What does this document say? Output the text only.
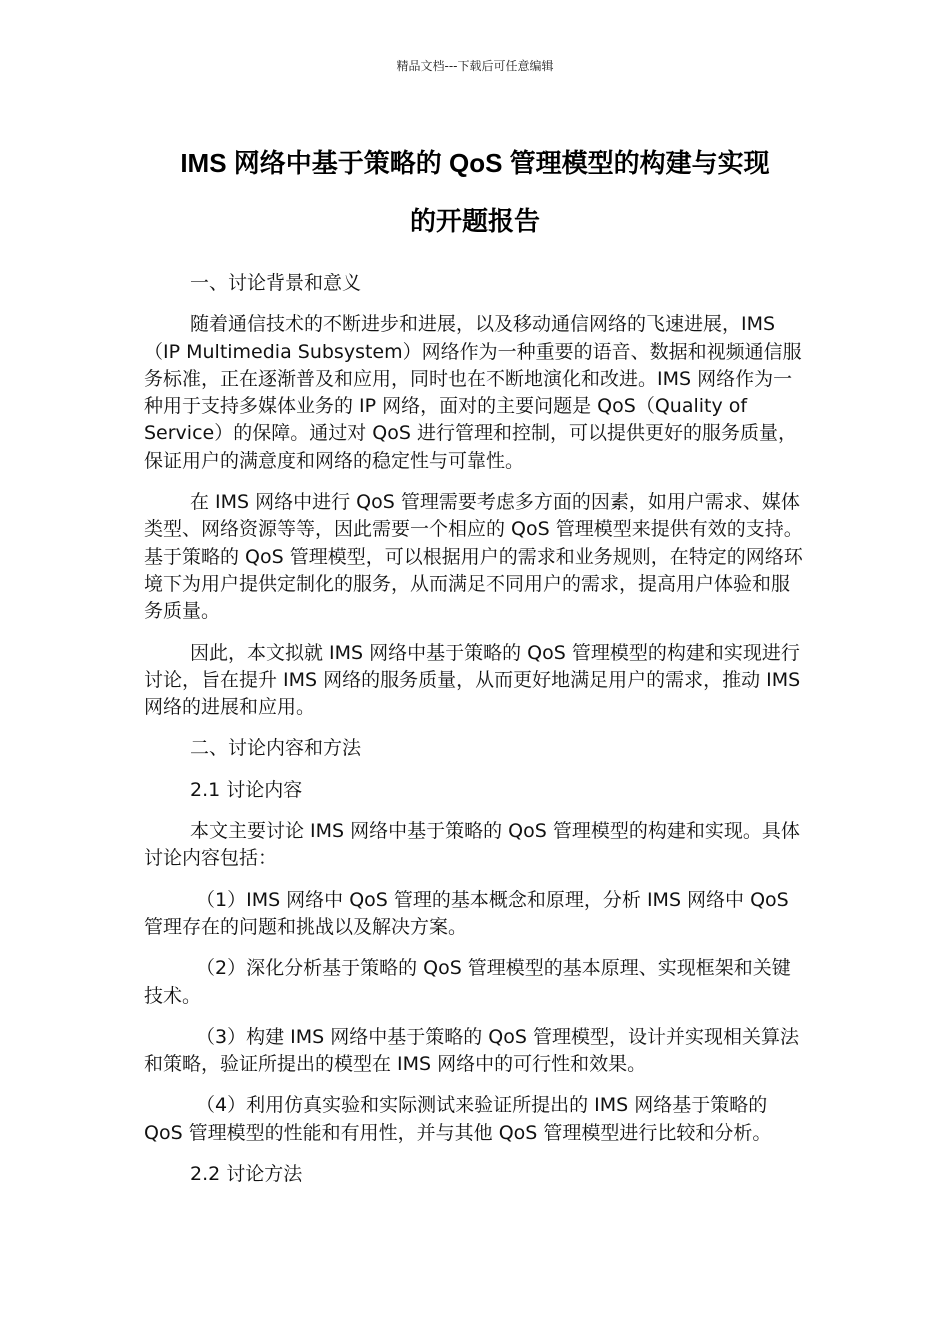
精品文档---下载后可任意编辑
IMS 网络中基于策略的 QoS 管理模型的构建与实现
的开题报告

一、讨论背景和意义

随着通信技术的不断进步和进展，以及移动通信网络的飞速进展，IMS（IP Multimedia Subsystem）网络作为一种重要的语音、数据和视频通信服务标准，正在逐渐普及和应用，同时也在不断地演化和改进。IMS 网络作为一种用于支持多媒体业务的 IP 网络，面对的主要问题是 QoS（Quality of Service）的保障。通过对 QoS 进行管理和控制，可以提供更好的服务质量，保证用户的满意度和网络的稳定性与可靠性。

在 IMS 网络中进行 QoS 管理需要考虑多方面的因素，如用户需求、媒体类型、网络资源等等，因此需要一个相应的 QoS 管理模型来提供有效的支持。基于策略的 QoS 管理模型，可以根据用户的需求和业务规则，在特定的网络环境下为用户提供定制化的服务，从而满足不同用户的需求，提高用户体验和服务质量。

因此，本文拟就 IMS 网络中基于策略的 QoS 管理模型的构建和实现进行讨论，旨在提升 IMS 网络的服务质量，从而更好地满足用户的需求，推动 IMS 网络的进展和应用。

二、讨论内容和方法

2.1 讨论内容

本文主要讨论 IMS 网络中基于策略的 QoS 管理模型的构建和实现。具体讨论内容包括：

（1）IMS 网络中 QoS 管理的基本概念和原理，分析 IMS 网络中 QoS 管理存在的问题和挑战以及解决方案。

（2）深化分析基于策略的 QoS 管理模型的基本原理、实现框架和关键技术。

（3）构建 IMS 网络中基于策略的 QoS 管理模型，设计并实现相关算法和策略，验证所提出的模型在 IMS 网络中的可行性和效果。

（4）利用仿真实验和实际测试来验证所提出的 IMS 网络基于策略的 QoS 管理模型的性能和有用性，并与其他 QoS 管理模型进行比较和分析。

2.2 讨论方法
